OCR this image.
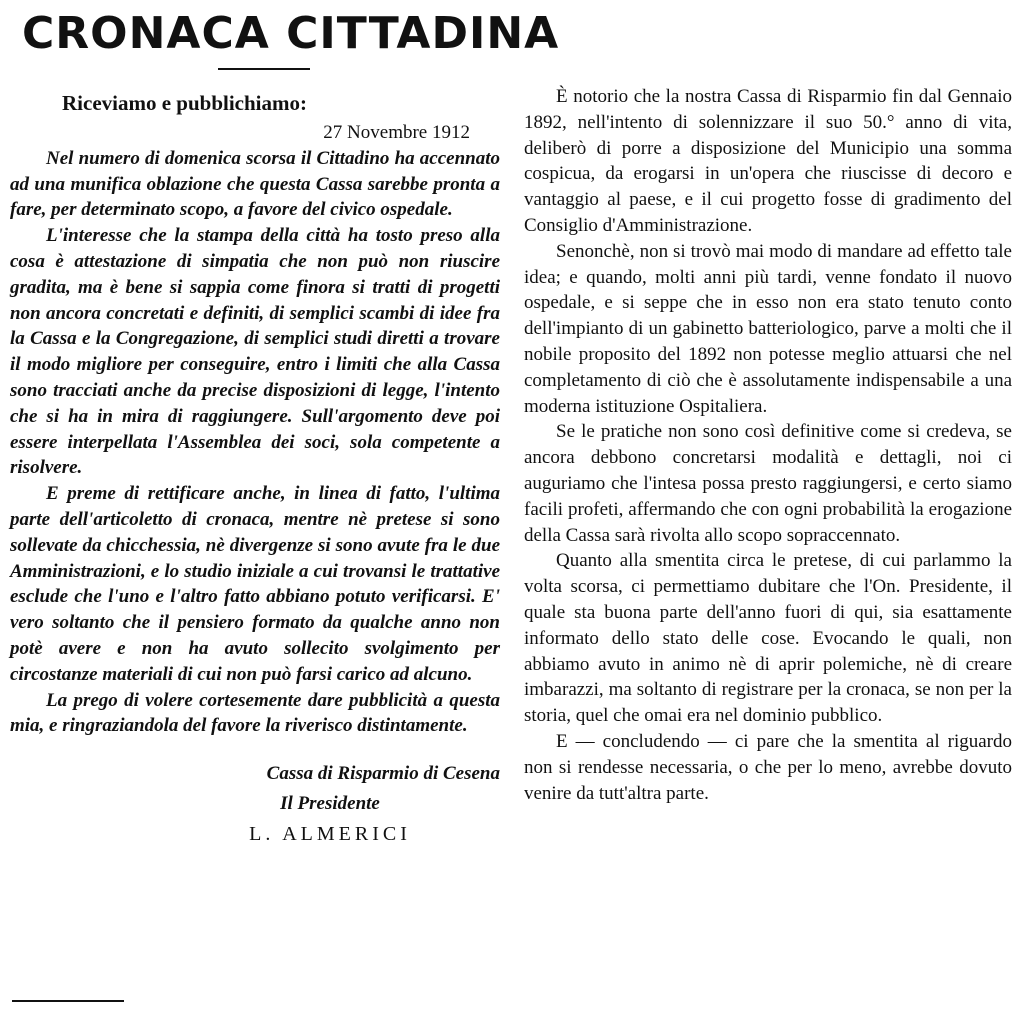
CRONACA CITTADINA

Riceviamo e pubblichiamo:

27 Novembre 1912

Nel numero di domenica scorsa il Cittadino ha accennato ad una munifica oblazione che questa Cassa sarebbe pronta a fare, per determinato scopo, a favore del civico ospedale.

L'interesse che la stampa della città ha tosto preso alla cosa è attestazione di simpatia che non può non riuscire gradita, ma è bene si sappia come finora si tratti di progetti non ancora concretati e definiti, di semplici scambi di idee fra la Cassa e la Congregazione, di semplici studi diretti a trovare il modo migliore per conseguire, entro i limiti che alla Cassa sono tracciati anche da precise disposizioni di legge, l'intento che si ha in mira di raggiungere. Sull'argomento deve poi essere interpellata l'Assemblea dei soci, sola competente a risolvere.

E preme di rettificare anche, in linea di fatto, l'ultima parte dell'articoletto di cronaca, mentre nè pretese si sono sollevate da chicchessia, nè divergenze si sono avute fra le due Amministrazioni, e lo studio iniziale a cui trovansi le trattative esclude che l'uno e l'altro fatto abbiano potuto verificarsi. E' vero soltanto che il pensiero formato da qualche anno non potè avere e non ha avuto sollecito svolgimento per circostanze materiali di cui non può farsi carico ad alcuno.

La prego di volere cortesemente dare pubblicità a questa mia, e ringraziandola del favore la riverisco distintamente.

Cassa di Risparmio di Cesena

Il Presidente

L. ALMERICI

È notorio che la nostra Cassa di Risparmio fin dal Gennaio 1892, nell'intento di solennizzare il suo 50.° anno di vita, deliberò di porre a disposizione del Municipio una somma cospicua, da erogarsi in un'opera che riuscisse di decoro e vantaggio al paese, e il cui progetto fosse di gradimento del Consiglio d'Amministrazione.

Senonchè, non si trovò mai modo di mandare ad effetto tale idea; e quando, molti anni più tardi, venne fondato il nuovo ospedale, e si seppe che in esso non era stato tenuto conto dell'impianto di un gabinetto batteriologico, parve a molti che il nobile proposito del 1892 non potesse meglio attuarsi che nel completamento di ciò che è assolutamente indispensabile a una moderna istituzione Ospitaliera.

Se le pratiche non sono così definitive come si credeva, se ancora debbono concretarsi modalità e dettagli, noi ci auguriamo che l'intesa possa presto raggiungersi, e certo siamo facili profeti, affermando che con ogni probabilità la erogazione della Cassa sarà rivolta allo scopo sopraccennato.

Quanto alla smentita circa le pretese, di cui parlammo la volta scorsa, ci permettiamo dubitare che l'On. Presidente, il quale sta buona parte dell'anno fuori di qui, sia esattamente informato dello stato delle cose. Evocando le quali, non abbiamo avuto in animo nè di aprir polemiche, nè di creare imbarazzi, ma soltanto di registrare per la cronaca, se non per la storia, quel che omai era nel dominio pubblico.

E — concludendo — ci pare che la smentita al riguardo non si rendesse necessaria, o che per lo meno, avrebbe dovuto venire da tutt'altra parte.
